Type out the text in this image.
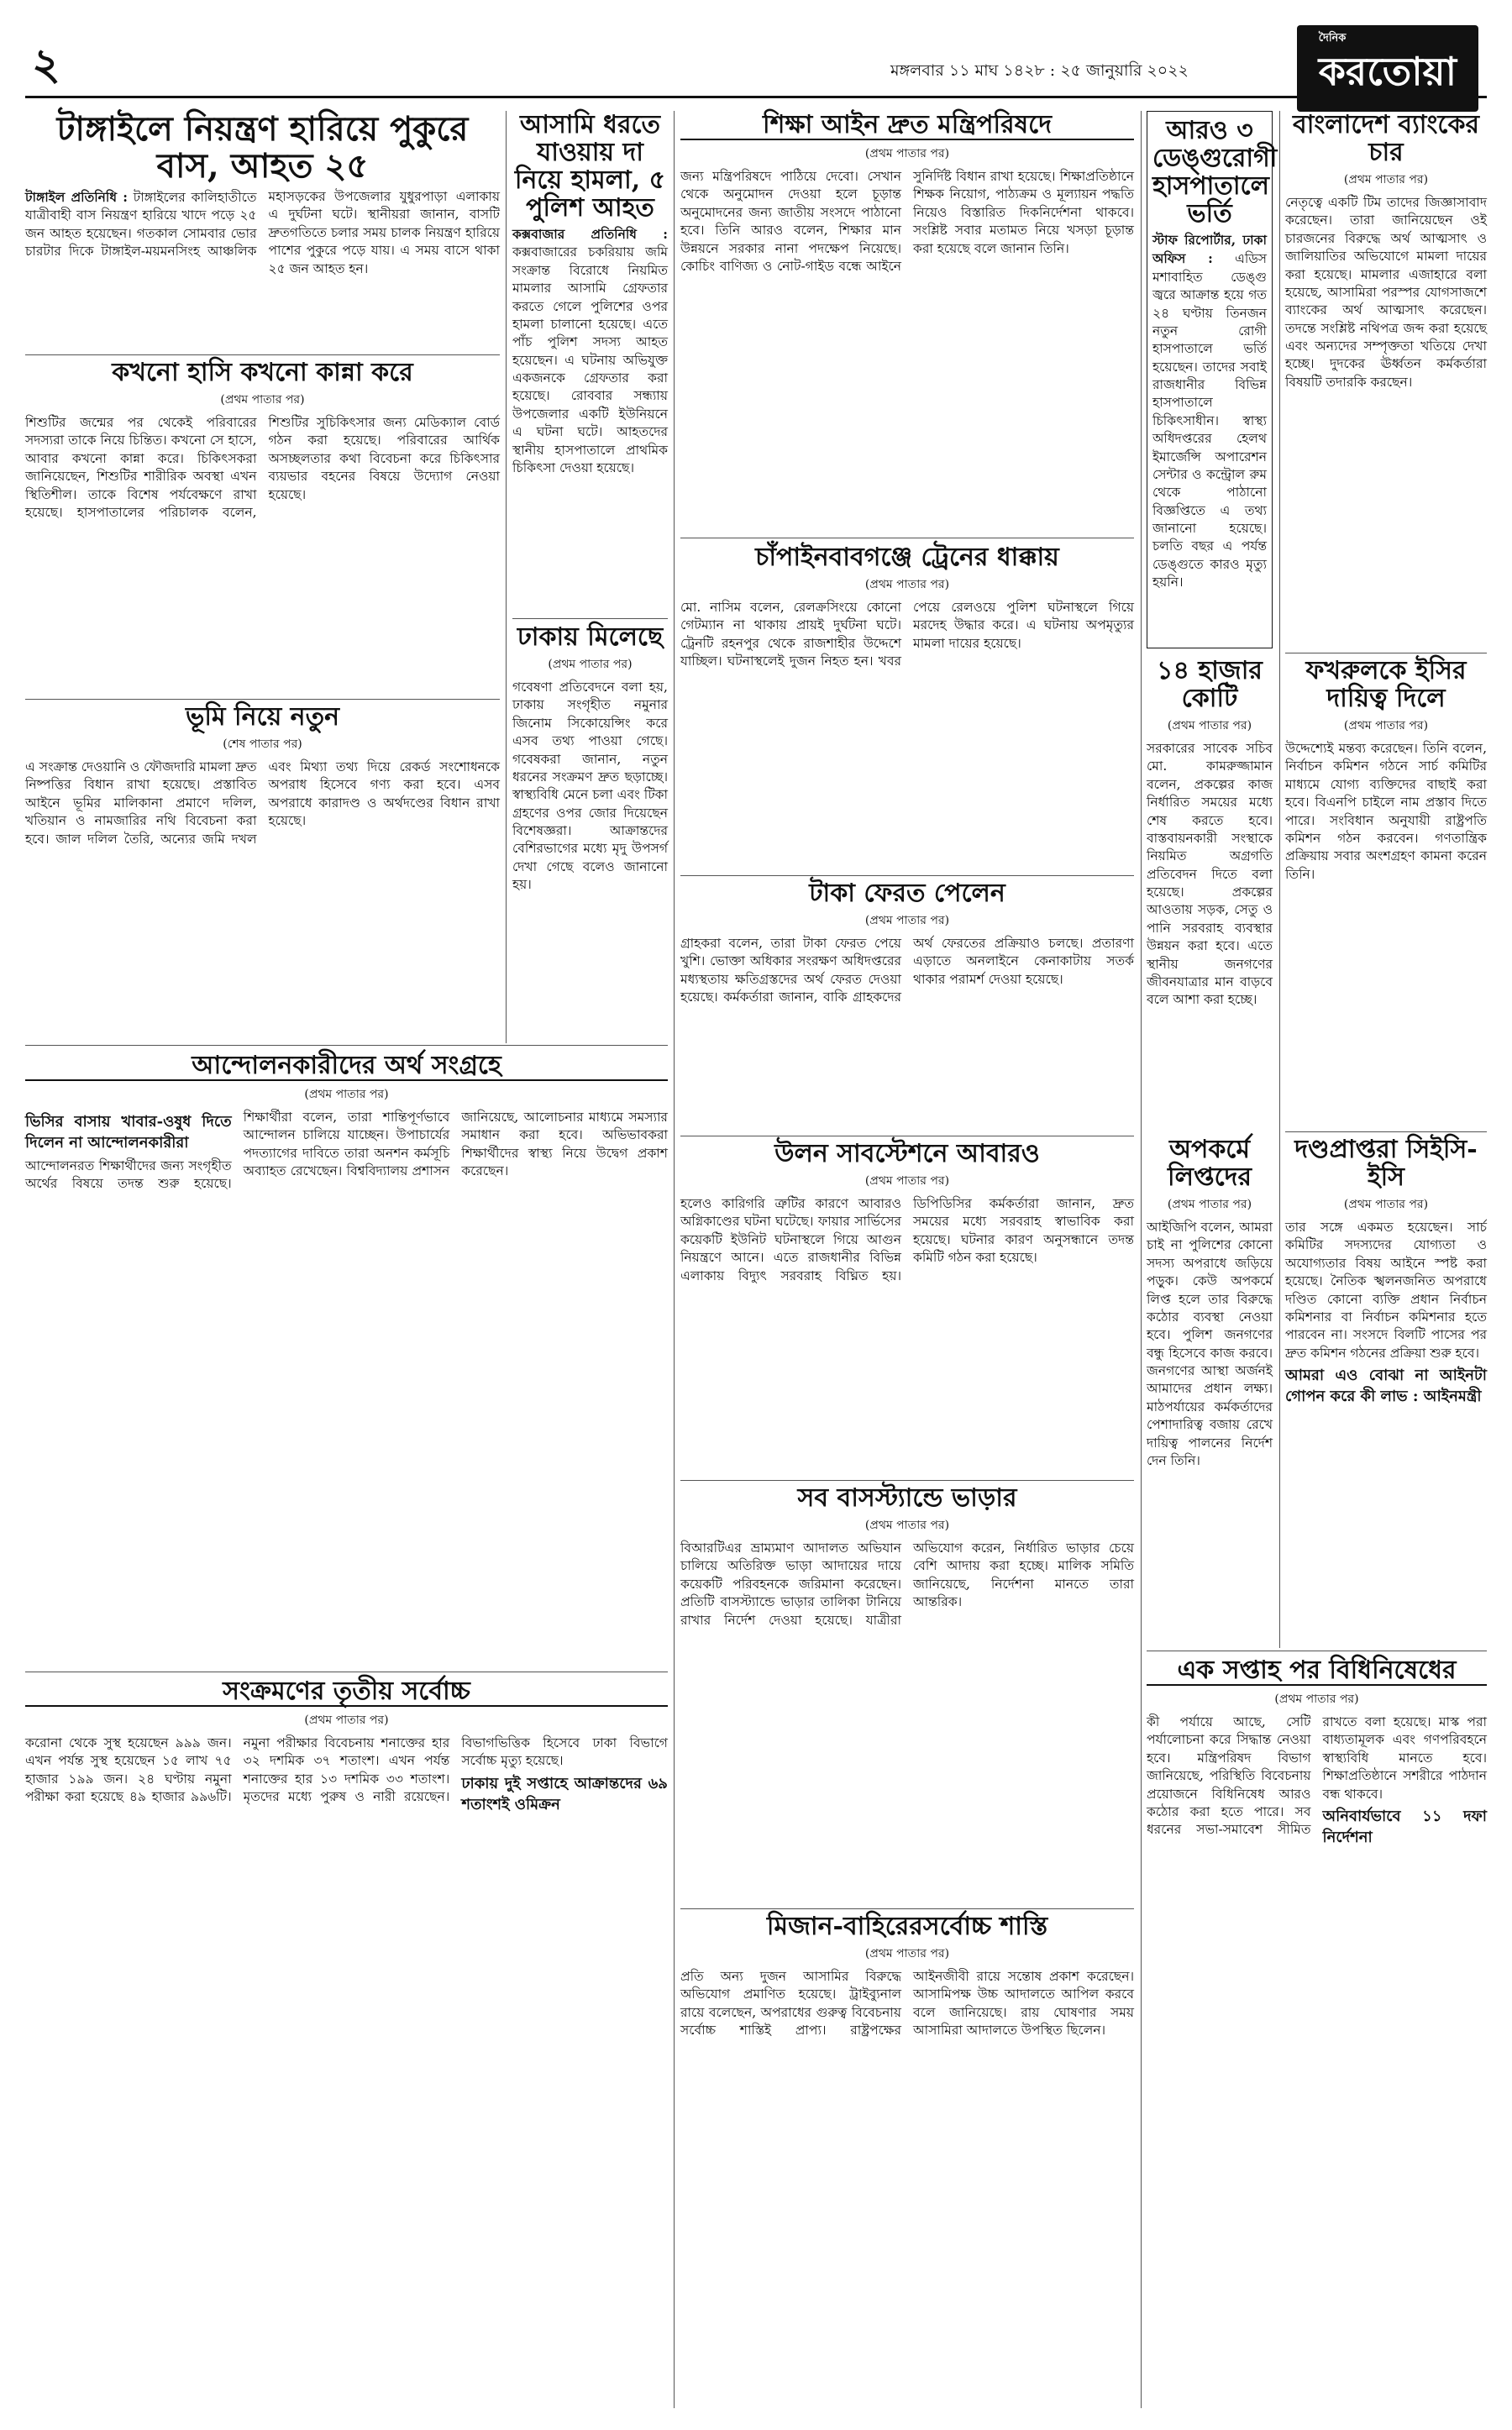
২	মঙ্গলবার ১১ মাঘ ১৪২৮ : ২৫ জানুয়ারি ২০২২
দৈনিক
করতোয়া
টাঙ্গাইলে নিয়ন্ত্রণ হারিয়ে পুকুরে বাস, আহত ২৫
টাঙ্গাইল প্রতিনিধি : টাঙ্গাইলের কালিহাতীতে যাত্রীবাহী বাস নিয়ন্ত্রণ হারিয়ে খাদে পড়ে ২৫ জন আহত হয়েছেন। গতকাল সোমবার ভোর চারটার দিকে টাঙ্গাইল-ময়মনসিংহ আঞ্চলিক মহাসড়কের উপজেলার যুধুরপাড়া এলাকায় এ দুর্ঘটনা ঘটে। স্থানীয়রা জানান, বাসটি দ্রুতগতিতে চলার সময় চালক নিয়ন্ত্রণ হারিয়ে পাশের পুকুরে পড়ে যায়। এ সময় বাসে থাকা ২৫ জন আহত হন।
কখনো হাসি কখনো কান্না করে

(প্রথম পাতার পর)

শিশুটির জন্মের পর থেকেই পরিবারের সদস্যরা তাকে নিয়ে চিন্তিত। কখনো সে হাসে, আবার কখনো কান্না করে। চিকিৎসকরা জানিয়েছেন, শিশুটির শারীরিক অবস্থা এখন স্থিতিশীল। তাকে বিশেষ পর্যবেক্ষণে রাখা হয়েছে। হাসপাতালের পরিচালক বলেন, শিশুটির সুচিকিৎসার জন্য মেডিক্যাল বোর্ড গঠন করা হয়েছে। পরিবারের আর্থিক অসচ্ছলতার কথা বিবেচনা করে চিকিৎসার ব্যয়ভার বহনের বিষয়ে উদ্যোগ নেওয়া হয়েছে।
ভূমি নিয়ে নতুন

(শেষ পাতার পর)

এ সংক্রান্ত দেওয়ানি ও ফৌজদারি মামলা দ্রুত নিষ্পত্তির বিধান রাখা হয়েছে। প্রস্তাবিত আইনে ভূমির মালিকানা প্রমাণে দলিল, খতিয়ান ও নামজারির নথি বিবেচনা করা হবে। জাল দলিল তৈরি, অন্যের জমি দখল এবং মিথ্যা তথ্য দিয়ে রেকর্ড সংশোধনকে অপরাধ হিসেবে গণ্য করা হবে। এসব অপরাধে কারাদণ্ড ও অর্থদণ্ডের বিধান রাখা হয়েছে।
আসামি ধরতে যাওয়ায় দা নিয়ে হামলা, ৫ পুলিশ আহত
কক্সবাজার প্রতিনিধি : কক্সবাজারের চকরিয়ায় জমি সংক্রান্ত বিরোধে নিয়মিত মামলার আসামি গ্রেফতার করতে গেলে পুলিশের ওপর হামলা চালানো হয়েছে। এতে পাঁচ পুলিশ সদস্য আহত হয়েছেন। এ ঘটনায় অভিযুক্ত একজনকে গ্রেফতার করা হয়েছে। রোববার সন্ধ্যায় উপজেলার একটি ইউনিয়নে এ ঘটনা ঘটে। আহতদের স্থানীয় হাসপাতালে প্রাথমিক চিকিৎসা দেওয়া হয়েছে।
ঢাকায় মিলেছে

(প্রথম পাতার পর)

গবেষণা প্রতিবেদনে বলা হয়, ঢাকায় সংগৃহীত নমুনার জিনোম সিকোয়েন্সিং করে এসব তথ্য পাওয়া গেছে। গবেষকরা জানান, নতুন ধরনের সংক্রমণ দ্রুত ছড়াচ্ছে। স্বাস্থ্যবিধি মেনে চলা এবং টিকা গ্রহণের ওপর জোর দিয়েছেন বিশেষজ্ঞরা। আক্রান্তদের বেশিরভাগের মধ্যে মৃদু উপসর্গ দেখা গেছে বলেও জানানো হয়।
শিক্ষা আইন দ্রুত মন্ত্রিপরিষদে

(প্রথম পাতার পর)

জন্য মন্ত্রিপরিষদে পাঠিয়ে দেবো। সেখান থেকে অনুমোদন দেওয়া হলে চূড়ান্ত অনুমোদনের জন্য জাতীয় সংসদে পাঠানো হবে। তিনি আরও বলেন, শিক্ষার মান উন্নয়নে সরকার নানা পদক্ষেপ নিয়েছে। কোচিং বাণিজ্য ও নোট-গাইড বন্ধে আইনে সুনির্দিষ্ট বিধান রাখা হয়েছে। শিক্ষাপ্রতিষ্ঠানে শিক্ষক নিয়োগ, পাঠ্যক্রম ও মূল্যায়ন পদ্ধতি নিয়েও বিস্তারিত দিকনির্দেশনা থাকবে। সংশ্লিষ্ট সবার মতামত নিয়ে খসড়া চূড়ান্ত করা হয়েছে বলে জানান তিনি।
চাঁপাইনবাবগঞ্জে ট্রেনের ধাক্কায়

(প্রথম পাতার পর)

মো. নাসিম বলেন, রেলক্রসিংয়ে কোনো গেটম্যান না থাকায় প্রায়ই দুর্ঘটনা ঘটে। ট্রেনটি রহনপুর থেকে রাজশাহীর উদ্দেশে যাচ্ছিল। ঘটনাস্থলেই দুজন নিহত হন। খবর পেয়ে রেলওয়ে পুলিশ ঘটনাস্থলে গিয়ে মরদেহ উদ্ধার করে। এ ঘটনায় অপমৃত্যুর মামলা দায়ের হয়েছে।
টাকা ফেরত পেলেন

(প্রথম পাতার পর)

গ্রাহকরা বলেন, তারা টাকা ফেরত পেয়ে খুশি। ভোক্তা অধিকার সংরক্ষণ অধিদপ্তরের মধ্যস্থতায় ক্ষতিগ্রস্তদের অর্থ ফেরত দেওয়া হয়েছে। কর্মকর্তারা জানান, বাকি গ্রাহকদের অর্থ ফেরতের প্রক্রিয়াও চলছে। প্রতারণা এড়াতে অনলাইনে কেনাকাটায় সতর্ক থাকার পরামর্শ দেওয়া হয়েছে।
উলন সাবস্টেশনে আবারও

(প্রথম পাতার পর)

হলেও কারিগরি ত্রুটির কারণে আবারও অগ্নিকাণ্ডের ঘটনা ঘটেছে। ফায়ার সার্ভিসের কয়েকটি ইউনিট ঘটনাস্থলে গিয়ে আগুন নিয়ন্ত্রণে আনে। এতে রাজধানীর বিভিন্ন এলাকায় বিদ্যুৎ সরবরাহ বিঘ্নিত হয়। ডিপিডিসির কর্মকর্তারা জানান, দ্রুত সময়ের মধ্যে সরবরাহ স্বাভাবিক করা হয়েছে। ঘটনার কারণ অনুসন্ধানে তদন্ত কমিটি গঠন করা হয়েছে।
সব বাসস্ট্যান্ডে ভাড়ার

(প্রথম পাতার পর)

বিআরটিএর ভ্রাম্যমাণ আদালত অভিযান চালিয়ে অতিরিক্ত ভাড়া আদায়ের দায়ে কয়েকটি পরিবহনকে জরিমানা করেছেন। প্রতিটি বাসস্ট্যান্ডে ভাড়ার তালিকা টানিয়ে রাখার নির্দেশ দেওয়া হয়েছে। যাত্রীরা অভিযোগ করেন, নির্ধারিত ভাড়ার চেয়ে বেশি আদায় করা হচ্ছে। মালিক সমিতি জানিয়েছে, নির্দেশনা মানতে তারা আন্তরিক।
মিজান-বাহিরেরসর্বোচ্চ শাস্তি

(প্রথম পাতার পর)

প্রতি অন্য দুজন আসামির বিরুদ্ধে অভিযোগ প্রমাণিত হয়েছে। ট্রাইব্যুনাল রায়ে বলেছেন, অপরাধের গুরুত্ব বিবেচনায় সর্বোচ্চ শাস্তিই প্রাপ্য। রাষ্ট্রপক্ষের আইনজীবী রায়ে সন্তোষ প্রকাশ করেছেন। আসামিপক্ষ উচ্চ আদালতে আপিল করবে বলে জানিয়েছে। রায় ঘোষণার সময় আসামিরা আদালতে উপস্থিত ছিলেন।
আরও ৩ ডেঙ্গুরোগী হাসপাতালে ভর্তি
স্টাফ রিপোর্টার, ঢাকা অফিস : এডিস মশাবাহিত ডেঙ্গু জ্বরে আক্রান্ত হয়ে গত ২৪ ঘণ্টায় তিনজন নতুন রোগী হাসপাতালে ভর্তি হয়েছেন। তাদের সবাই রাজধানীর বিভিন্ন হাসপাতালে চিকিৎসাধীন। স্বাস্থ্য অধিদপ্তরের হেলথ ইমার্জেন্সি অপারেশন সেন্টার ও কন্ট্রোল রুম থেকে পাঠানো বিজ্ঞপ্তিতে এ তথ্য জানানো হয়েছে। চলতি বছর এ পর্যন্ত ডেঙ্গুতে কারও মৃত্যু হয়নি।
১৪ হাজার কোটি

(প্রথম পাতার পর)

সরকারের সাবেক সচিব মো. কামরুজ্জামান বলেন, প্রকল্পের কাজ নির্ধারিত সময়ের মধ্যে শেষ করতে হবে। বাস্তবায়নকারী সংস্থাকে নিয়মিত অগ্রগতি প্রতিবেদন দিতে বলা হয়েছে। প্রকল্পের আওতায় সড়ক, সেতু ও পানি সরবরাহ ব্যবস্থার উন্নয়ন করা হবে। এতে স্থানীয় জনগণের জীবনযাত্রার মান বাড়বে বলে আশা করা হচ্ছে।
অপকর্মে লিপ্তদের

(প্রথম পাতার পর)

আইজিপি বলেন, আমরা চাই না পুলিশের কোনো সদস্য অপরাধে জড়িয়ে পড়ুক। কেউ অপকর্মে লিপ্ত হলে তার বিরুদ্ধে কঠোর ব্যবস্থা নেওয়া হবে। পুলিশ জনগণের বন্ধু হিসেবে কাজ করবে। জনগণের আস্থা অর্জনই আমাদের প্রধান লক্ষ্য। মাঠপর্যায়ের কর্মকর্তাদের পেশাদারিত্ব বজায় রেখে দায়িত্ব পালনের নির্দেশ দেন তিনি।
বাংলাদেশ ব্যাংকের চার

(প্রথম পাতার পর)

নেতৃত্বে একটি টিম তাদের জিজ্ঞাসাবাদ করেছেন। তারা জানিয়েছেন ওই চারজনের বিরুদ্ধে অর্থ আত্মসাৎ ও জালিয়াতির অভিযোগে মামলা দায়ের করা হয়েছে। মামলার এজাহারে বলা হয়েছে, আসামিরা পরস্পর যোগসাজশে ব্যাংকের অর্থ আত্মসাৎ করেছেন। তদন্তে সংশ্লিষ্ট নথিপত্র জব্দ করা হয়েছে এবং অন্যদের সম্পৃক্ততা খতিয়ে দেখা হচ্ছে। দুদকের ঊর্ধ্বতন কর্মকর্তারা বিষয়টি তদারকি করছেন।
ফখরুলকে ইসির দায়িত্ব দিলে

(প্রথম পাতার পর)

উদ্দেশ্যেই মন্তব্য করেছেন। তিনি বলেন, নির্বাচন কমিশন গঠনে সার্চ কমিটির মাধ্যমে যোগ্য ব্যক্তিদের বাছাই করা হবে। বিএনপি চাইলে নাম প্রস্তাব দিতে পারে। সংবিধান অনুযায়ী রাষ্ট্রপতি কমিশন গঠন করবেন। গণতান্ত্রিক প্রক্রিয়ায় সবার অংশগ্রহণ কামনা করেন তিনি।
দণ্ডপ্রাপ্তরা সিইসি-ইসি

(প্রথম পাতার পর)

তার সঙ্গে একমত হয়েছেন। সার্চ কমিটির সদস্যদের যোগ্যতা ও অযোগ্যতার বিষয় আইনে স্পষ্ট করা হয়েছে। নৈতিক স্খলনজনিত অপরাধে দণ্ডিত কোনো ব্যক্তি প্রধান নির্বাচন কমিশনার বা নির্বাচন কমিশনার হতে পারবেন না। সংসদে বিলটি পাসের পর দ্রুত কমিশন গঠনের প্রক্রিয়া শুরু হবে।
আমরা এও বোঝা না আইনটা গোপন করে কী লাভ : আইনমন্ত্রী
আন্দোলনকারীদের অর্থ সংগ্রহে

(প্রথম পাতার পর)

ভিসির বাসায় খাবার-ওষুধ দিতে দিলেন না আন্দোলনকারীরা
আন্দোলনরত শিক্ষার্থীদের জন্য সংগৃহীত অর্থের বিষয়ে তদন্ত শুরু হয়েছে। শিক্ষার্থীরা বলেন, তারা শান্তিপূর্ণভাবে আন্দোলন চালিয়ে যাচ্ছেন। উপাচার্যের পদত্যাগের দাবিতে তারা অনশন কর্মসূচি অব্যাহত রেখেছেন। বিশ্ববিদ্যালয় প্রশাসন জানিয়েছে, আলোচনার মাধ্যমে সমস্যার সমাধান করা হবে। অভিভাবকরা শিক্ষার্থীদের স্বাস্থ্য নিয়ে উদ্বেগ প্রকাশ করেছেন।
সংক্রমণের তৃতীয় সর্বোচ্চ

(প্রথম পাতার পর)

করোনা থেকে সুস্থ হয়েছেন ৯৯৯ জন। এখন পর্যন্ত সুস্থ হয়েছেন ১৫ লাখ ৭৫ হাজার ১৯৯ জন। ২৪ ঘণ্টায় নমুনা পরীক্ষা করা হয়েছে ৪৯ হাজার ৯৯৬টি। নমুনা পরীক্ষার বিবেচনায় শনাক্তের হার ৩২ দশমিক ৩৭ শতাংশ। এখন পর্যন্ত শনাক্তের হার ১৩ দশমিক ৩৩ শতাংশ। মৃতদের মধ্যে পুরুষ ও নারী রয়েছেন। বিভাগভিত্তিক হিসেবে ঢাকা বিভাগে সর্বোচ্চ মৃত্যু হয়েছে।
ঢাকায় দুই সপ্তাহে আক্রান্তদের ৬৯ শতাংশই ওমিক্রন
এক সপ্তাহ পর বিধিনিষেধের

(প্রথম পাতার পর)

কী পর্যায়ে আছে, সেটি পর্যালোচনা করে সিদ্ধান্ত নেওয়া হবে। মন্ত্রিপরিষদ বিভাগ জানিয়েছে, পরিস্থিতি বিবেচনায় প্রয়োজনে বিধিনিষেধ আরও কঠোর করা হতে পারে। সব ধরনের সভা-সমাবেশ সীমিত রাখতে বলা হয়েছে। মাস্ক পরা বাধ্যতামূলক এবং গণপরিবহনে স্বাস্থ্যবিধি মানতে হবে। শিক্ষাপ্রতিষ্ঠানে সশরীরে পাঠদান বন্ধ থাকবে।
অনিবার্যভাবে ১১ দফা নির্দেশনা
